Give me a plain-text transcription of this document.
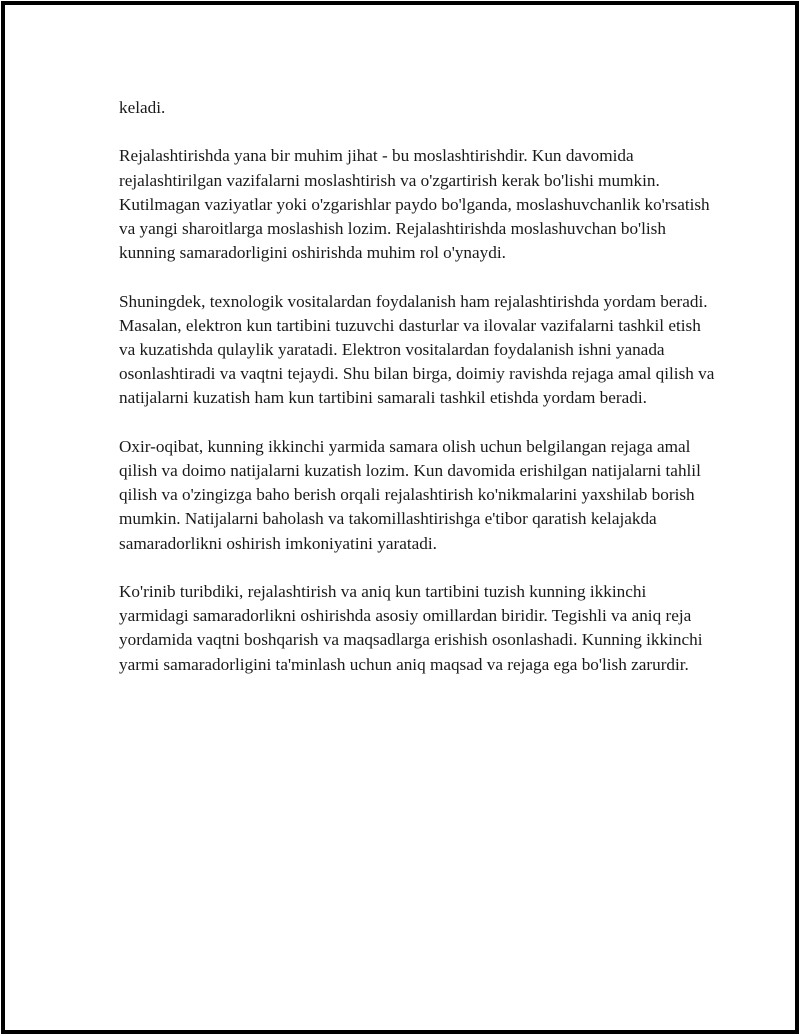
keladi.

Rejalashtirishda yana bir muhim jihat - bu moslashtirishdir. Kun davomida rejalashtirilgan vazifalarni moslashtirish va o'zgartirish kerak bo'lishi mumkin. Kutilmagan vaziyatlar yoki o'zgarishlar paydo bo'lganda, moslashuvchanlik ko'rsatish va yangi sharoitlarga moslashish lozim. Rejalashtirishda moslashuvchan bo'lish kunning samaradorligini oshirishda muhim rol o'ynaydi.

Shuningdek, texnologik vositalardan foydalanish ham rejalashtirishda yordam beradi. Masalan, elektron kun tartibini tuzuvchi dasturlar va ilovalar vazifalarni tashkil etish va kuzatishda qulaylik yaratadi. Elektron vositalardan foydalanish ishni yanada osonlashtiradi va vaqtni tejaydi. Shu bilan birga, doimiy ravishda rejaga amal qilish va natijalarni kuzatish ham kun tartibini samarali tashkil etishda yordam beradi.

Oxir-oqibat, kunning ikkinchi yarmida samara olish uchun belgilangan rejaga amal qilish va doimo natijalarni kuzatish lozim. Kun davomida erishilgan natijalarni tahlil qilish va o'zingizga baho berish orqali rejalashtirish ko'nikmalarini yaxshilab borish mumkin. Natijalarni baholash va takomillashtirishga e'tibor qaratish kelajakda samaradorlikni oshirish imkoniyatini yaratadi.

Ko'rinib turibdiki, rejalashtirish va aniq kun tartibini tuzish kunning ikkinchi yarmidagi samaradorlikni oshirishda asosiy omillardan biridir. Tegishli va aniq reja yordamida vaqtni boshqarish va maqsadlarga erishish osonlashadi. Kunning ikkinchi yarmi samaradorligini ta'minlash uchun aniq maqsad va rejaga ega bo'lish zarurdir.
